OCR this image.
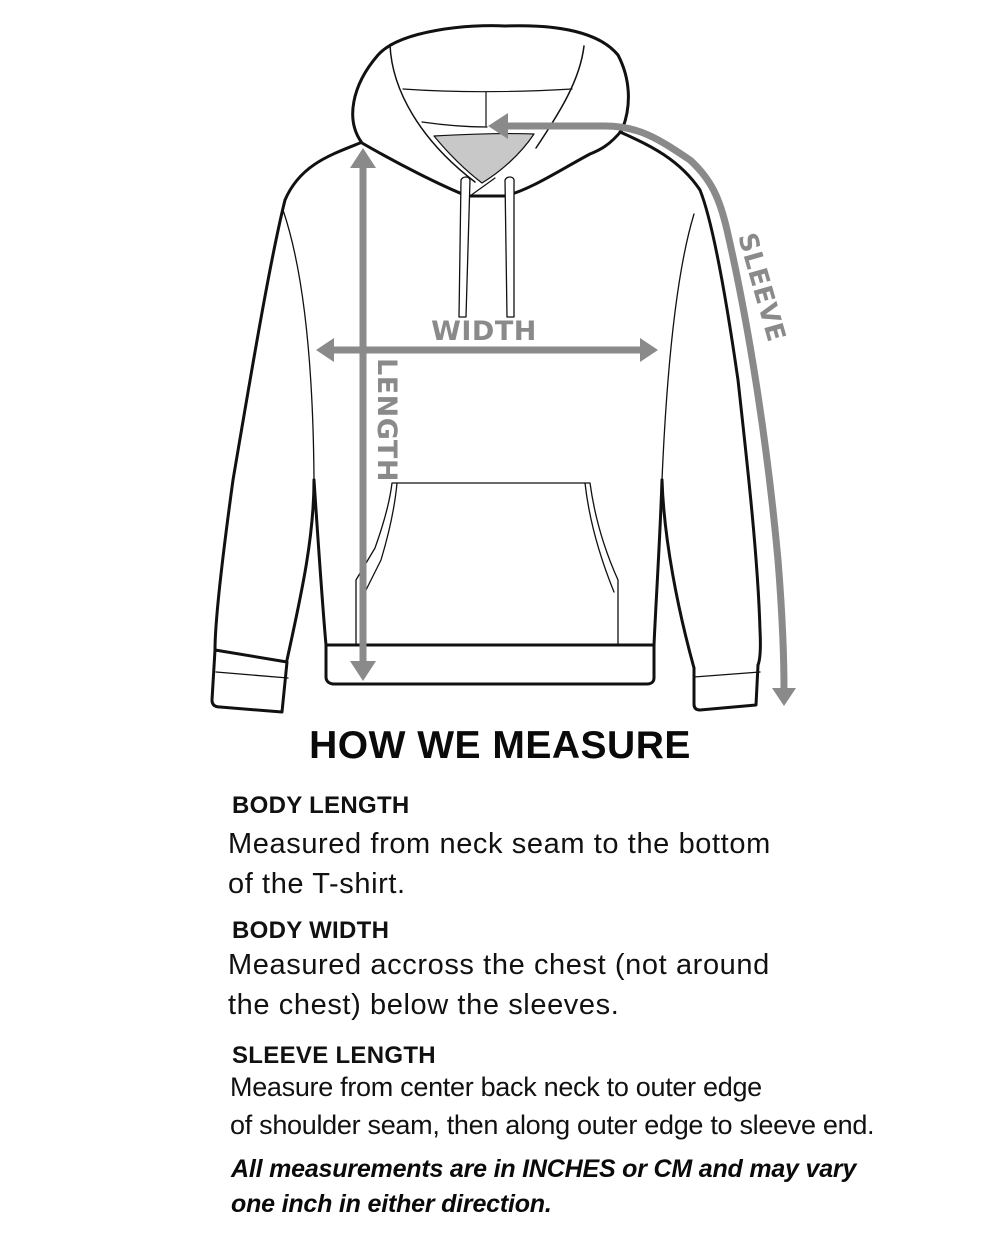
WIDTH
LENGTH
SLEEVE
HOW WE MEASURE
BODY LENGTH
Measured from neck seam to the bottom
of the T-shirt.
BODY WIDTH
Measured accross the chest (not around
the chest) below the sleeves.
SLEEVE LENGTH
Measure from center back neck to outer edge
of shoulder seam, then along outer edge to sleeve end.
All measurements are in INCHES or CM and may vary
one inch in either direction.
